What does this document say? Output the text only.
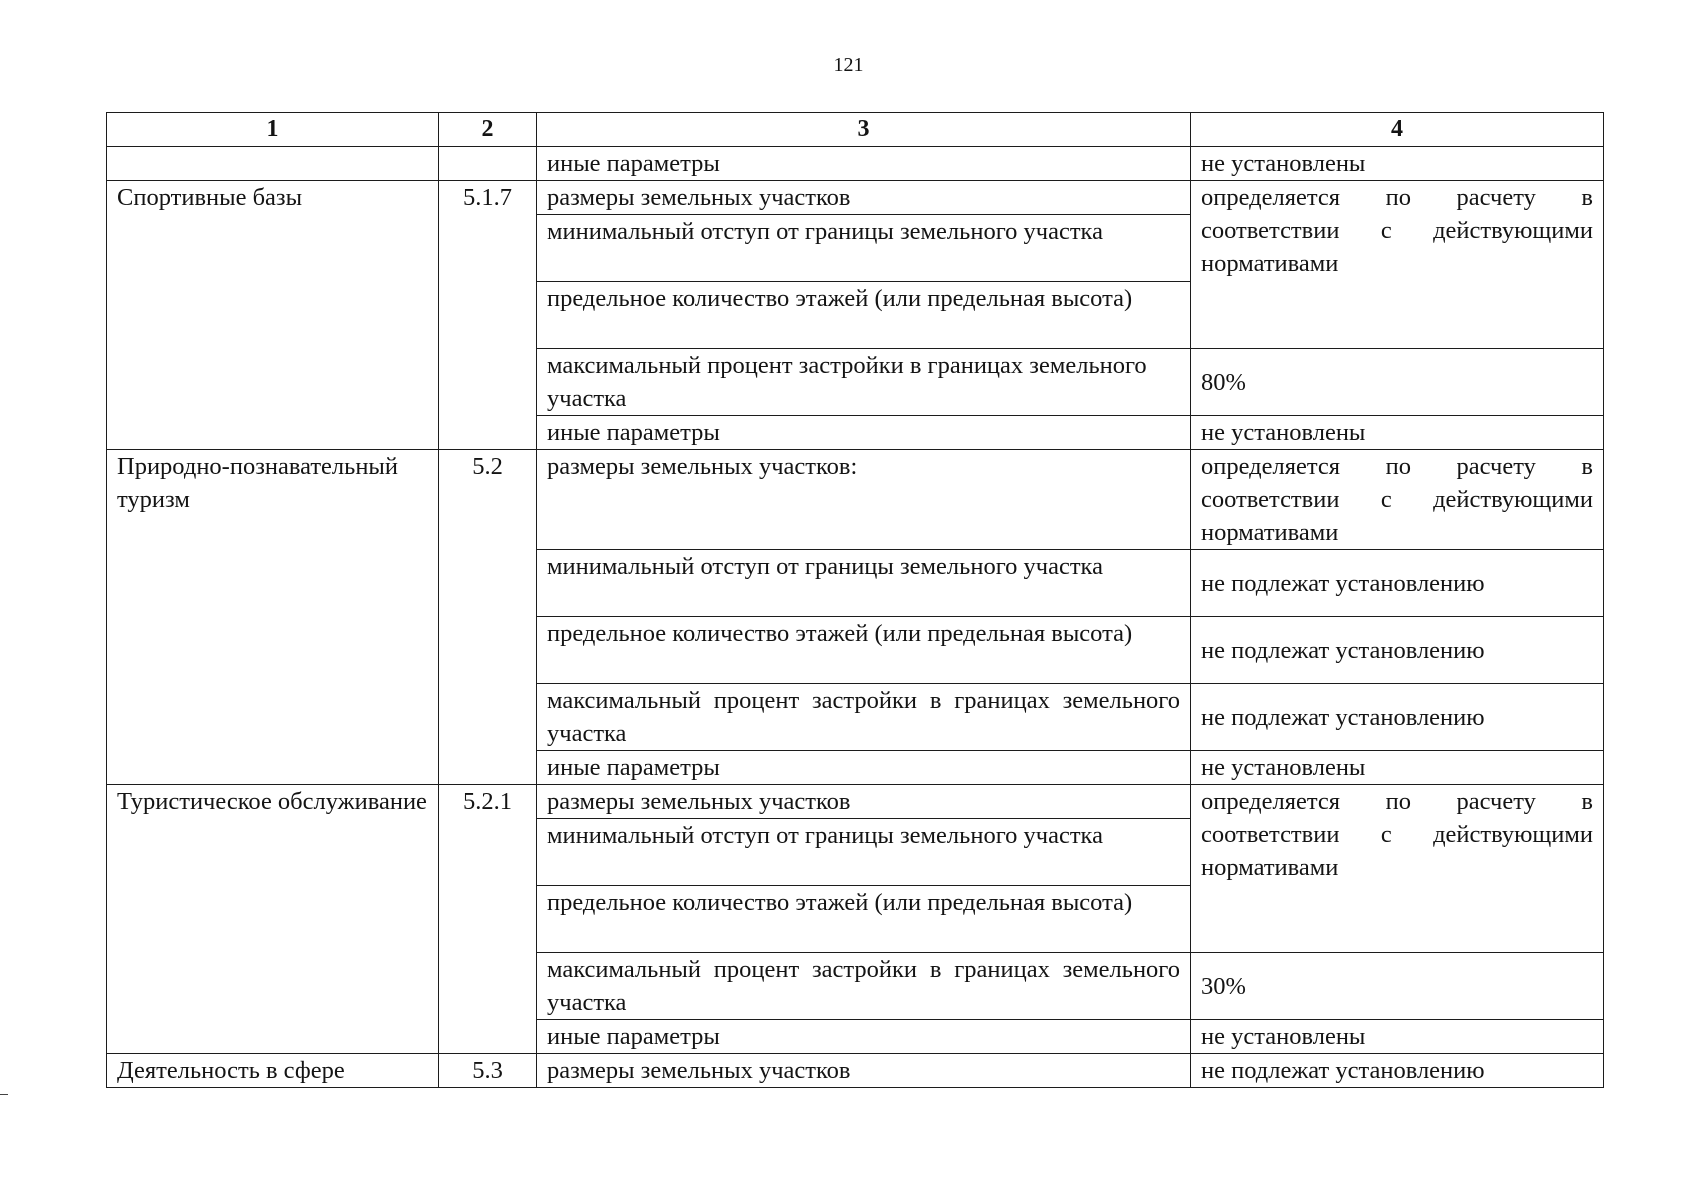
121
1	2	3	4
		иные параметры	не установлены
Спортивные базы	5.1.7	размеры земельных участков	определяется по расчету в соответствии с действующими нормативами
		минимальный отступ от границы земельного участка	
		предельное количество этажей (или предельная высота)	
		максимальный процент застройки в границах земельного участка	80%
		иные параметры	не установлены
Природно-познавательный туризм	5.2	размеры земельных участков:	определяется по расчету в соответствии с действующими нормативами
		минимальный отступ от границы земельного участка	не подлежат установлению
		предельное количество этажей (или предельная высота)	не подлежат установлению
		максимальный процент застройки в границах земельного участка	не подлежат установлению
		иные параметры	не установлены
Туристическое обслуживание	5.2.1	размеры земельных участков	определяется по расчету в соответствии с действующими нормативами
		минимальный отступ от границы земельного участка	
		предельное количество этажей (или предельная высота)	
		максимальный процент застройки в границах земельного участка	30%
		иные параметры	не установлены
Деятельность в сфере	5.3	размеры земельных участков	не подлежат установлению
